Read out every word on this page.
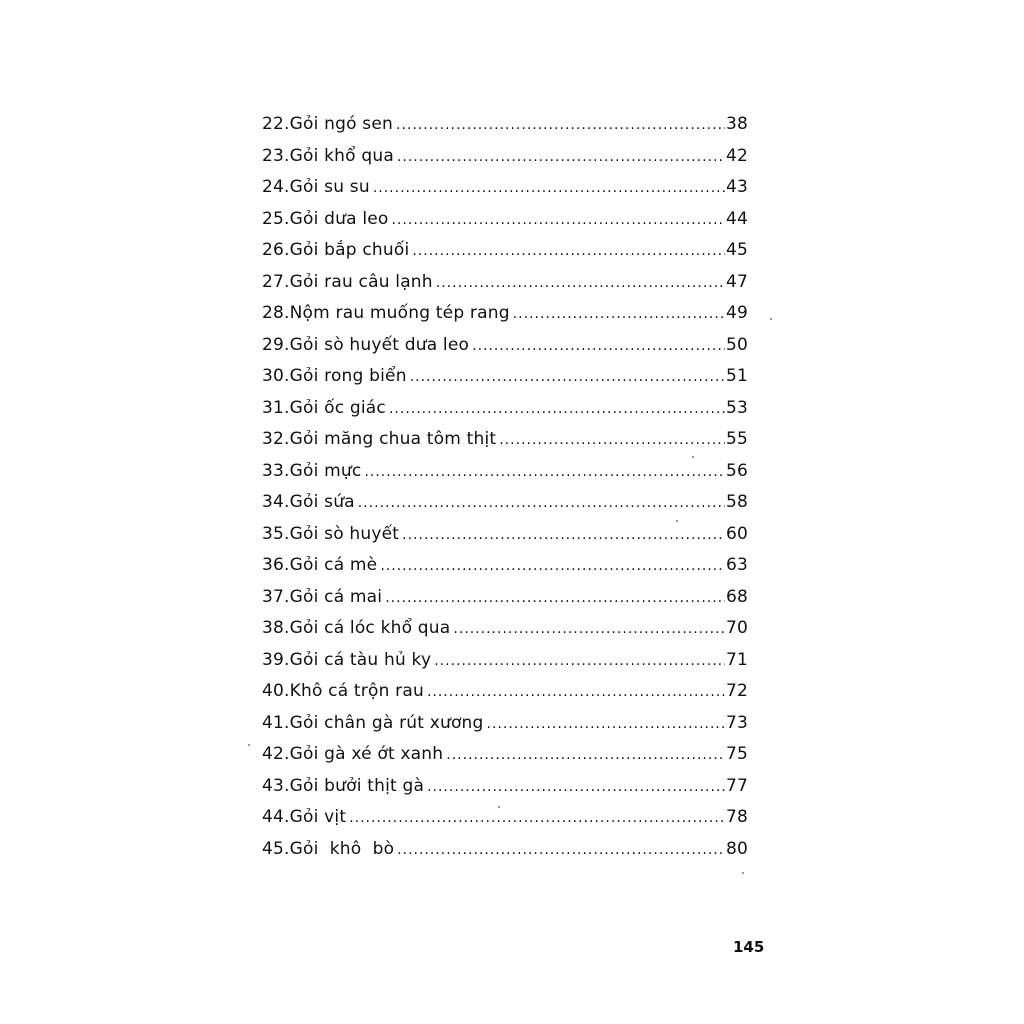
22. Gỏi ngó sen .....	38
23. Gỏi khổ qua .....	42
24. Gỏi su su .....	43
25. Gỏi dưa leo .....	44
26. Gỏi bắp chuối .....	45
27. Gỏi rau câu lạnh .....	47
28. Nộm rau muống tép rang .....	49
29. Gỏi sò huyết dưa leo .....	50
30. Gỏi rong biển .....	51
31. Gỏi ốc giác .....	53
32. Gỏi măng chua tôm thịt .....	55
33. Gỏi mực .....	56
34. Gỏi sứa .....	58
35. Gỏi sò huyết .....	60
36. Gỏi cá mè .....	63
37. Gỏi cá mai .....	68
38. Gỏi cá lóc khổ qua .....	70
39. Gỏi cá tàu hủ ky .....	71
40. Khô cá trộn rau .....	72
41. Gỏi chân gà rút xương .....	73
42. Gỏi gà xé ớt xanh .....	75
43. Gỏi bưởi thịt gà .....	77
44. Gỏi vịt .....	78
45. Gỏi  khô  bò .....	80
145
